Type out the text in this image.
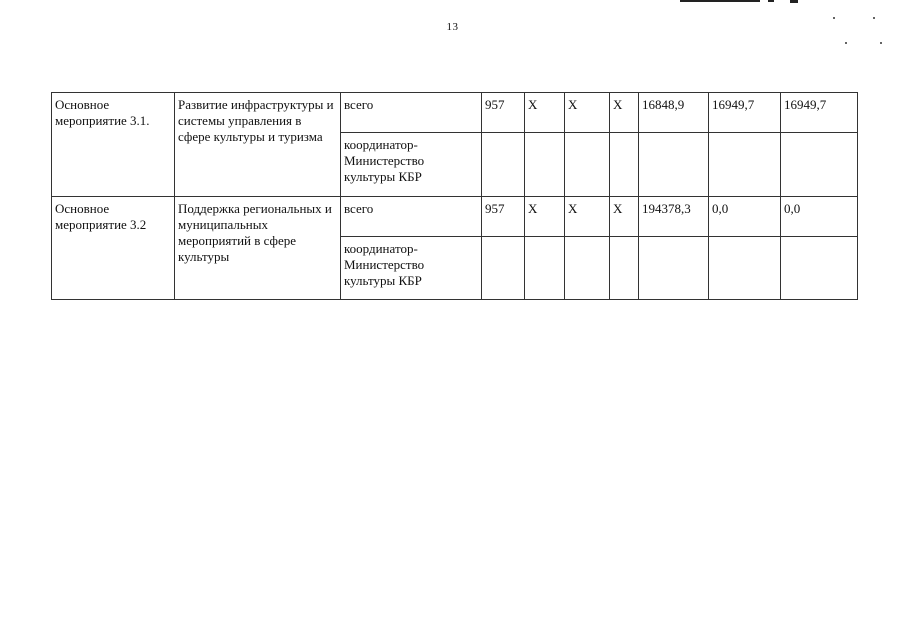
13
Основное мероприятие 3.1.	Развитие инфраструктуры и системы управления в сфере культуры и туризма	всего	957	X	X	X	16848,9	16949,7	16949,7
		координатор-Министерство культуры КБР							
Основное мероприятие 3.2	Поддержка региональных и муниципальных мероприятий в сфере культуры	всего	957	X	X	X	194378,3	0,0	0,0
		координатор-Министерство культуры КБР							
